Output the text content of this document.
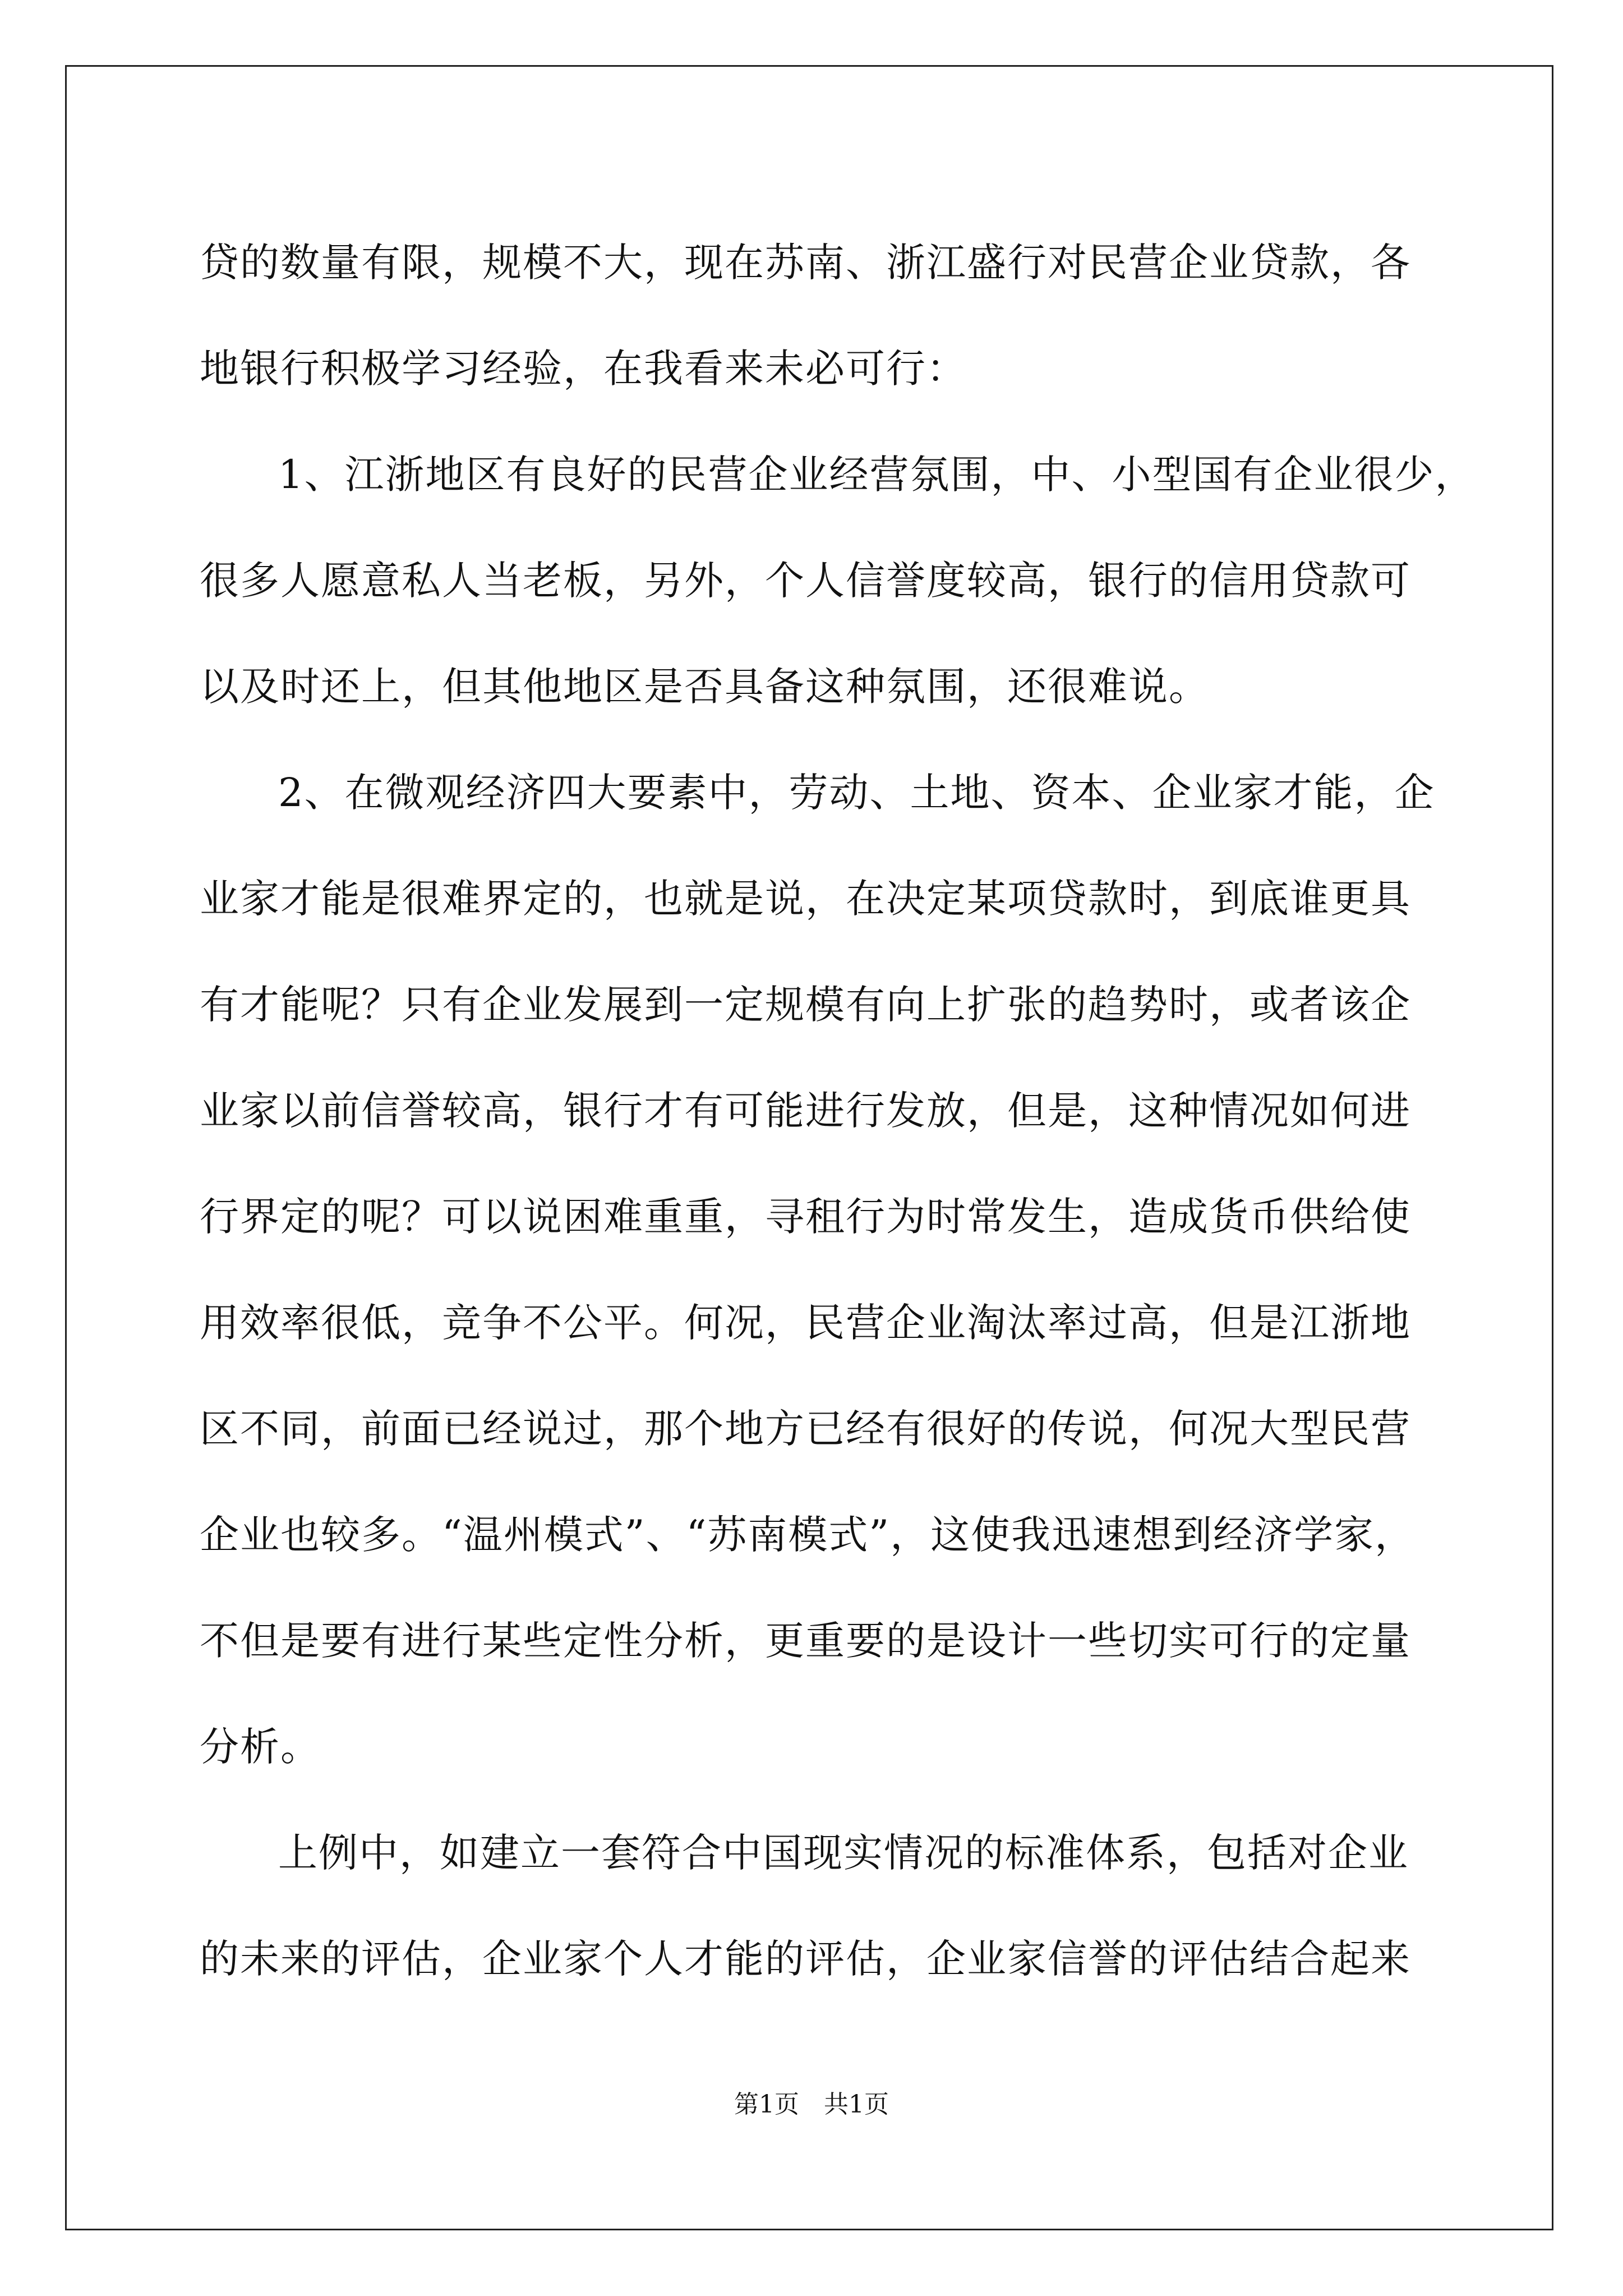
贷的数量有限，规模不大，现在苏南、浙江盛行对民营企业贷款，各
地银行积极学习经验，在我看来未必可行：
1、江浙地区有良好的民营企业经营氛围，中、小型国有企业很少，
很多人愿意私人当老板，另外，个人信誉度较高，银行的信用贷款可
以及时还上，但其他地区是否具备这种氛围，还很难说。
2、在微观经济四大要素中，劳动、土地、资本、企业家才能，企
业家才能是很难界定的，也就是说，在决定某项贷款时，到底谁更具
有才能呢？只有企业发展到一定规模有向上扩张的趋势时，或者该企
业家以前信誉较高，银行才有可能进行发放，但是，这种情况如何进
行界定的呢？可以说困难重重，寻租行为时常发生，造成货币供给使
用效率很低，竞争不公平。何况，民营企业淘汰率过高，但是江浙地
区不同，前面已经说过，那个地方已经有很好的传说，何况大型民营
企业也较多。“温州模式”、“苏南模式”，这使我迅速想到经济学家，
不但是要有进行某些定性分析，更重要的是设计一些切实可行的定量
分析。
上例中，如建立一套符合中国现实情况的标准体系，包括对企业
的未来的评估，企业家个人才能的评估，企业家信誉的评估结合起来
第1页　共1页
